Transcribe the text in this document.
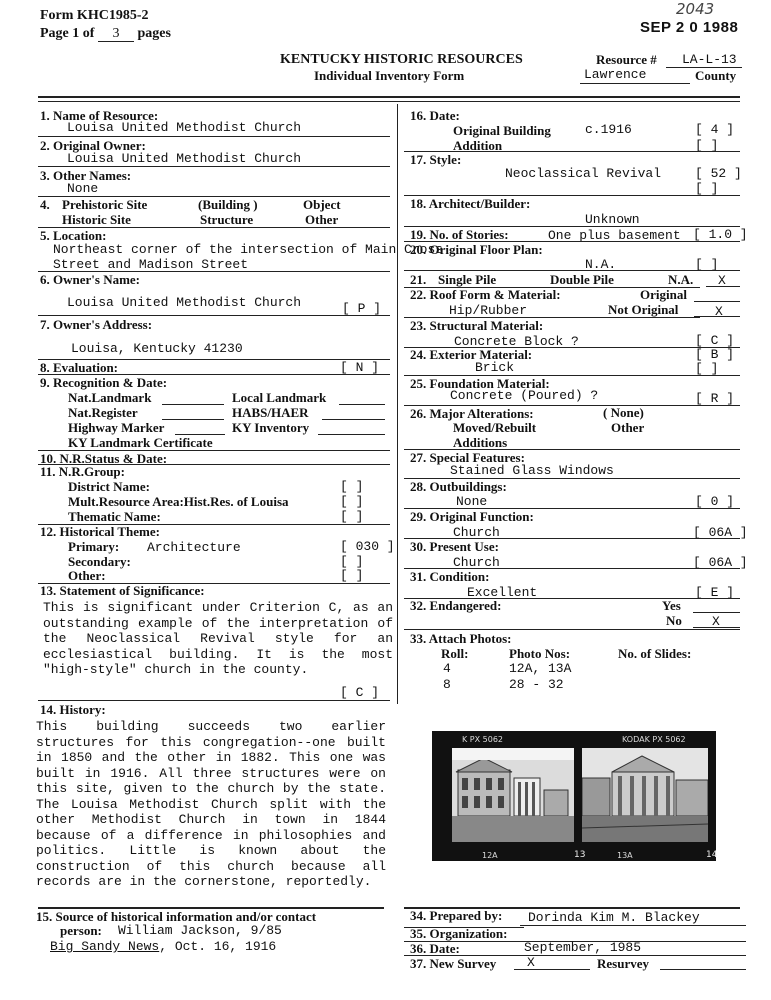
Form KHC1985-2
Page 1 of 3 pages
2043
SEP 2 0 1988
KENTUCKY HISTORIC RESOURCES
Individual Inventory Form
Resource # LA-L-13
Lawrence	County
1. Name of Resource:
Louisa United Methodist Church
2. Original Owner:
Louisa United Methodist Church
3. Other Names:
None
4. Prehistoric Site	(Building )	Object
Historic Site	Structure	Other
5. Location:
Northeast corner of the intersection of Main Cross
Street and Madison Street
6. Owner's Name:
Louisa United Methodist Church	[ P ]
7. Owner's Address:
Louisa, Kentucky 41230
8. Evaluation:	[ N ]
9. Recognition & Date:
Nat.Landmark	Local Landmark
Nat.Register	HABS/HAER
Highway Marker	KY Inventory
KY Landmark Certificate
10. N.R.Status & Date:
11. N.R.Group:
District Name:	[ ]
Mult.Resource Area:Hist.Res. of Louisa	[ ]
Thematic Name:	[ ]
12. Historical Theme:
Primary: Architecture	[ 030 ]
Secondary:	[ ]
Other:	[ ]
13. Statement of Significance:
This is significant under Criterion C, as an outstanding example of the interpretation of the Neoclassical Revival style for an ecclesiastical building. It is the most "high-style" church in the county.
[ C ]
14. History:
This building succeeds two earlier structures for this congregation--one built in 1850 and the other in 1882. This one was built in 1916. All three structures were on this site, given to the church by the state. The Louisa Methodist Church split with the other Methodist Church in town in 1844 because of a difference in philosophies and politics. Little is known about the construction of this church because all records are in the cornerstone, reportedly.
15. Source of historical information and/or contact
person: William Jackson, 9/85
Big Sandy News, Oct. 16, 1916
16. Date:
Original Building	c.1916	[ 4 ]
Addition	[ ]
17. Style:
Neoclassical Revival	[ 52 ]
[ ]
18. Architect/Builder:
Unknown
19. No. of Stories:	One plus basement [ 1.0 ]
20. Original Floor Plan:
N.A.	[ ]
21. Single Pile	Double Pile	N.A. X
22. Roof Form & Material:	Original
Hip/Rubber	Not Original	X
23. Structural Material:
Concrete Block ?	[ C ]
24. Exterior Material:	[ B ]
Brick	[ ]
25. Foundation Material:
Concrete (Poured) ?	[ R ]
26. Major Alterations:	( None)
Moved/Rebuilt	Other
Additions
27. Special Features:
Stained Glass Windows
28. Outbuildings:
None	[ 0 ]
29. Original Function:
Church	[ 06A ]
30. Present Use:
Church	[ 06A ]
31. Condition:
Excellent	[ E ]
32. Endangered:	Yes
No X
33. Attach Photos:
Roll:	Photo Nos:	No. of Slides:
4	12A, 13A
8	28 - 32
K PX 5062	KODAK PX 5062
12A	13	13A	14
34. Prepared by: Dorinda Kim M. Blackey
35. Organization:
36. Date:	September, 1985
37. New Survey X	Resurvey
